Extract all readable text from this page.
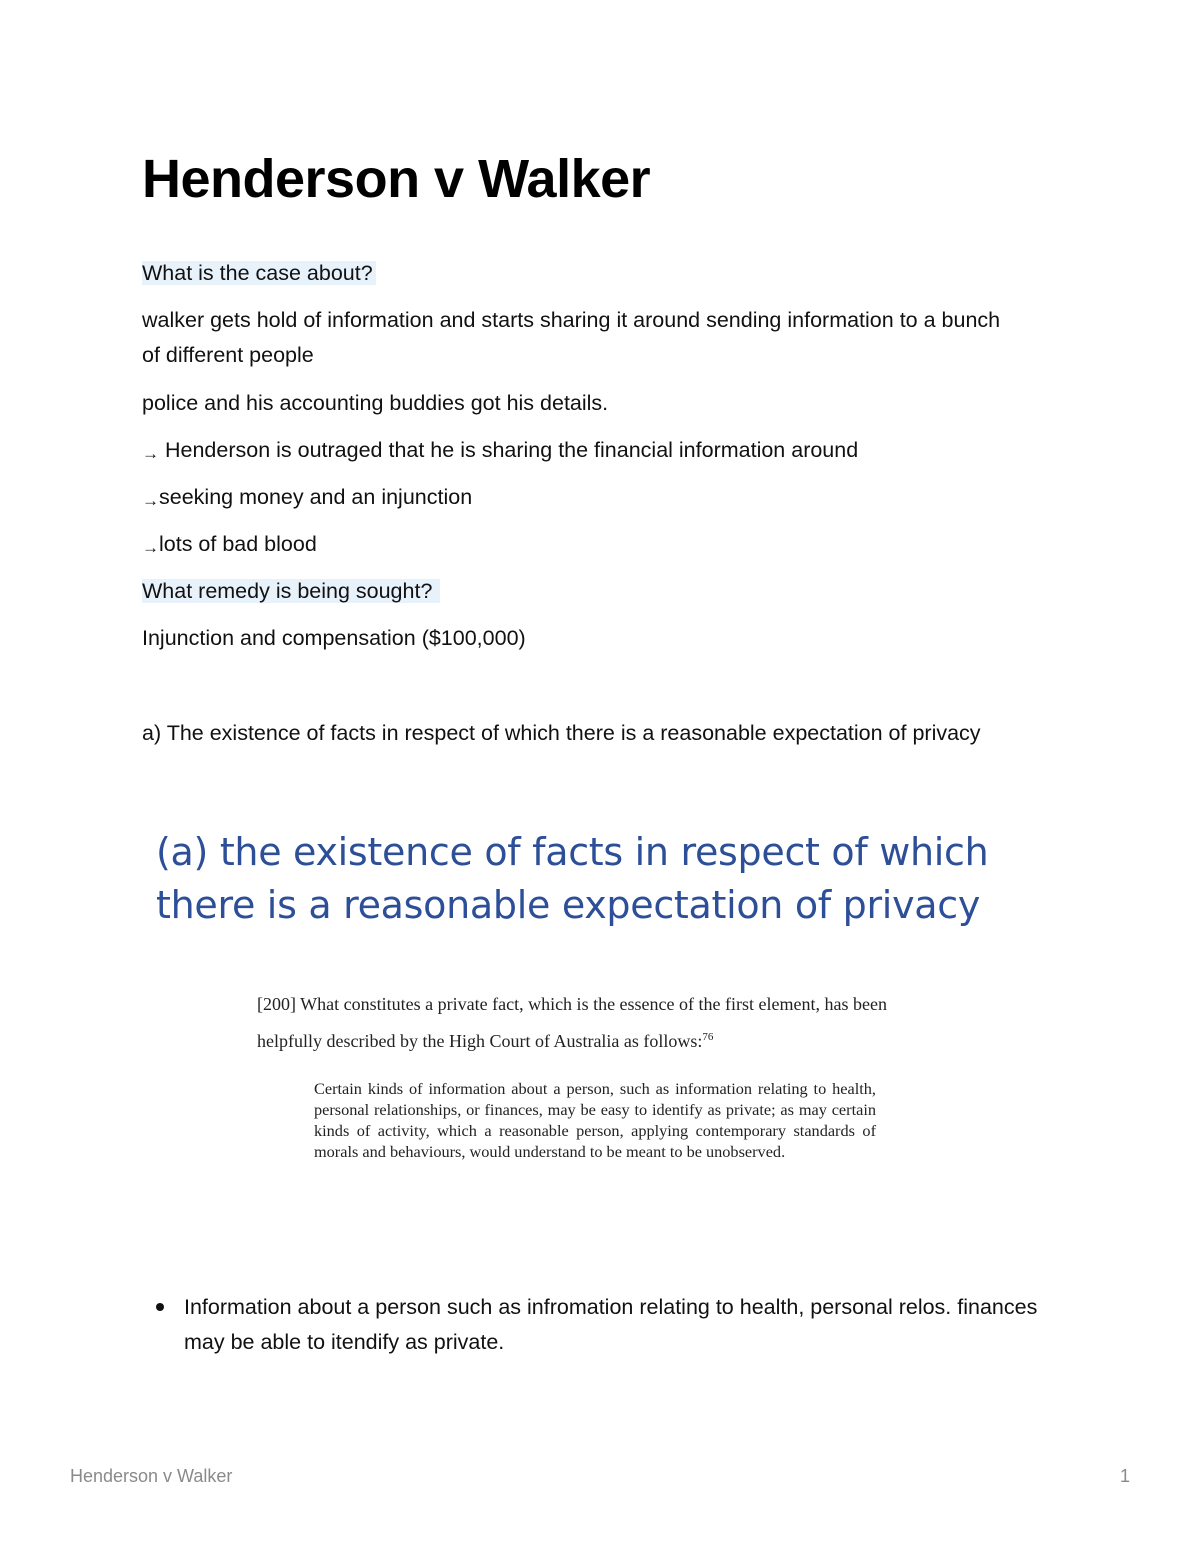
Henderson v Walker

What is the case about?

walker gets hold of information and starts sharing it around sending information to a bunch of different people

police and his accounting buddies got his details.

→ Henderson is outraged that he is sharing the financial information around

→seeking money and an injunction

→lots of bad blood

What remedy is being sought?

Injunction and compensation ($100,000)

a) The existence of facts in respect of which there is a reasonable expectation of privacy

(a) the existence of facts in respect of which there is a reasonable expectation of privacy

[200] What constitutes a private fact, which is the essence of the first element, has been helpfully described by the High Court of Australia as follows:$^{76}$

Certain kinds of information about a person, such as information relating to health, personal relationships, or finances, may be easy to identify as private; as may certain kinds of activity, which a reasonable person, applying contemporary standards of morals and behaviours, would understand to be meant to be unobserved.

Information about a person such as infromation relating to health, personal relos. finances may be able to itendify as private.

Henderson v Walker	1
